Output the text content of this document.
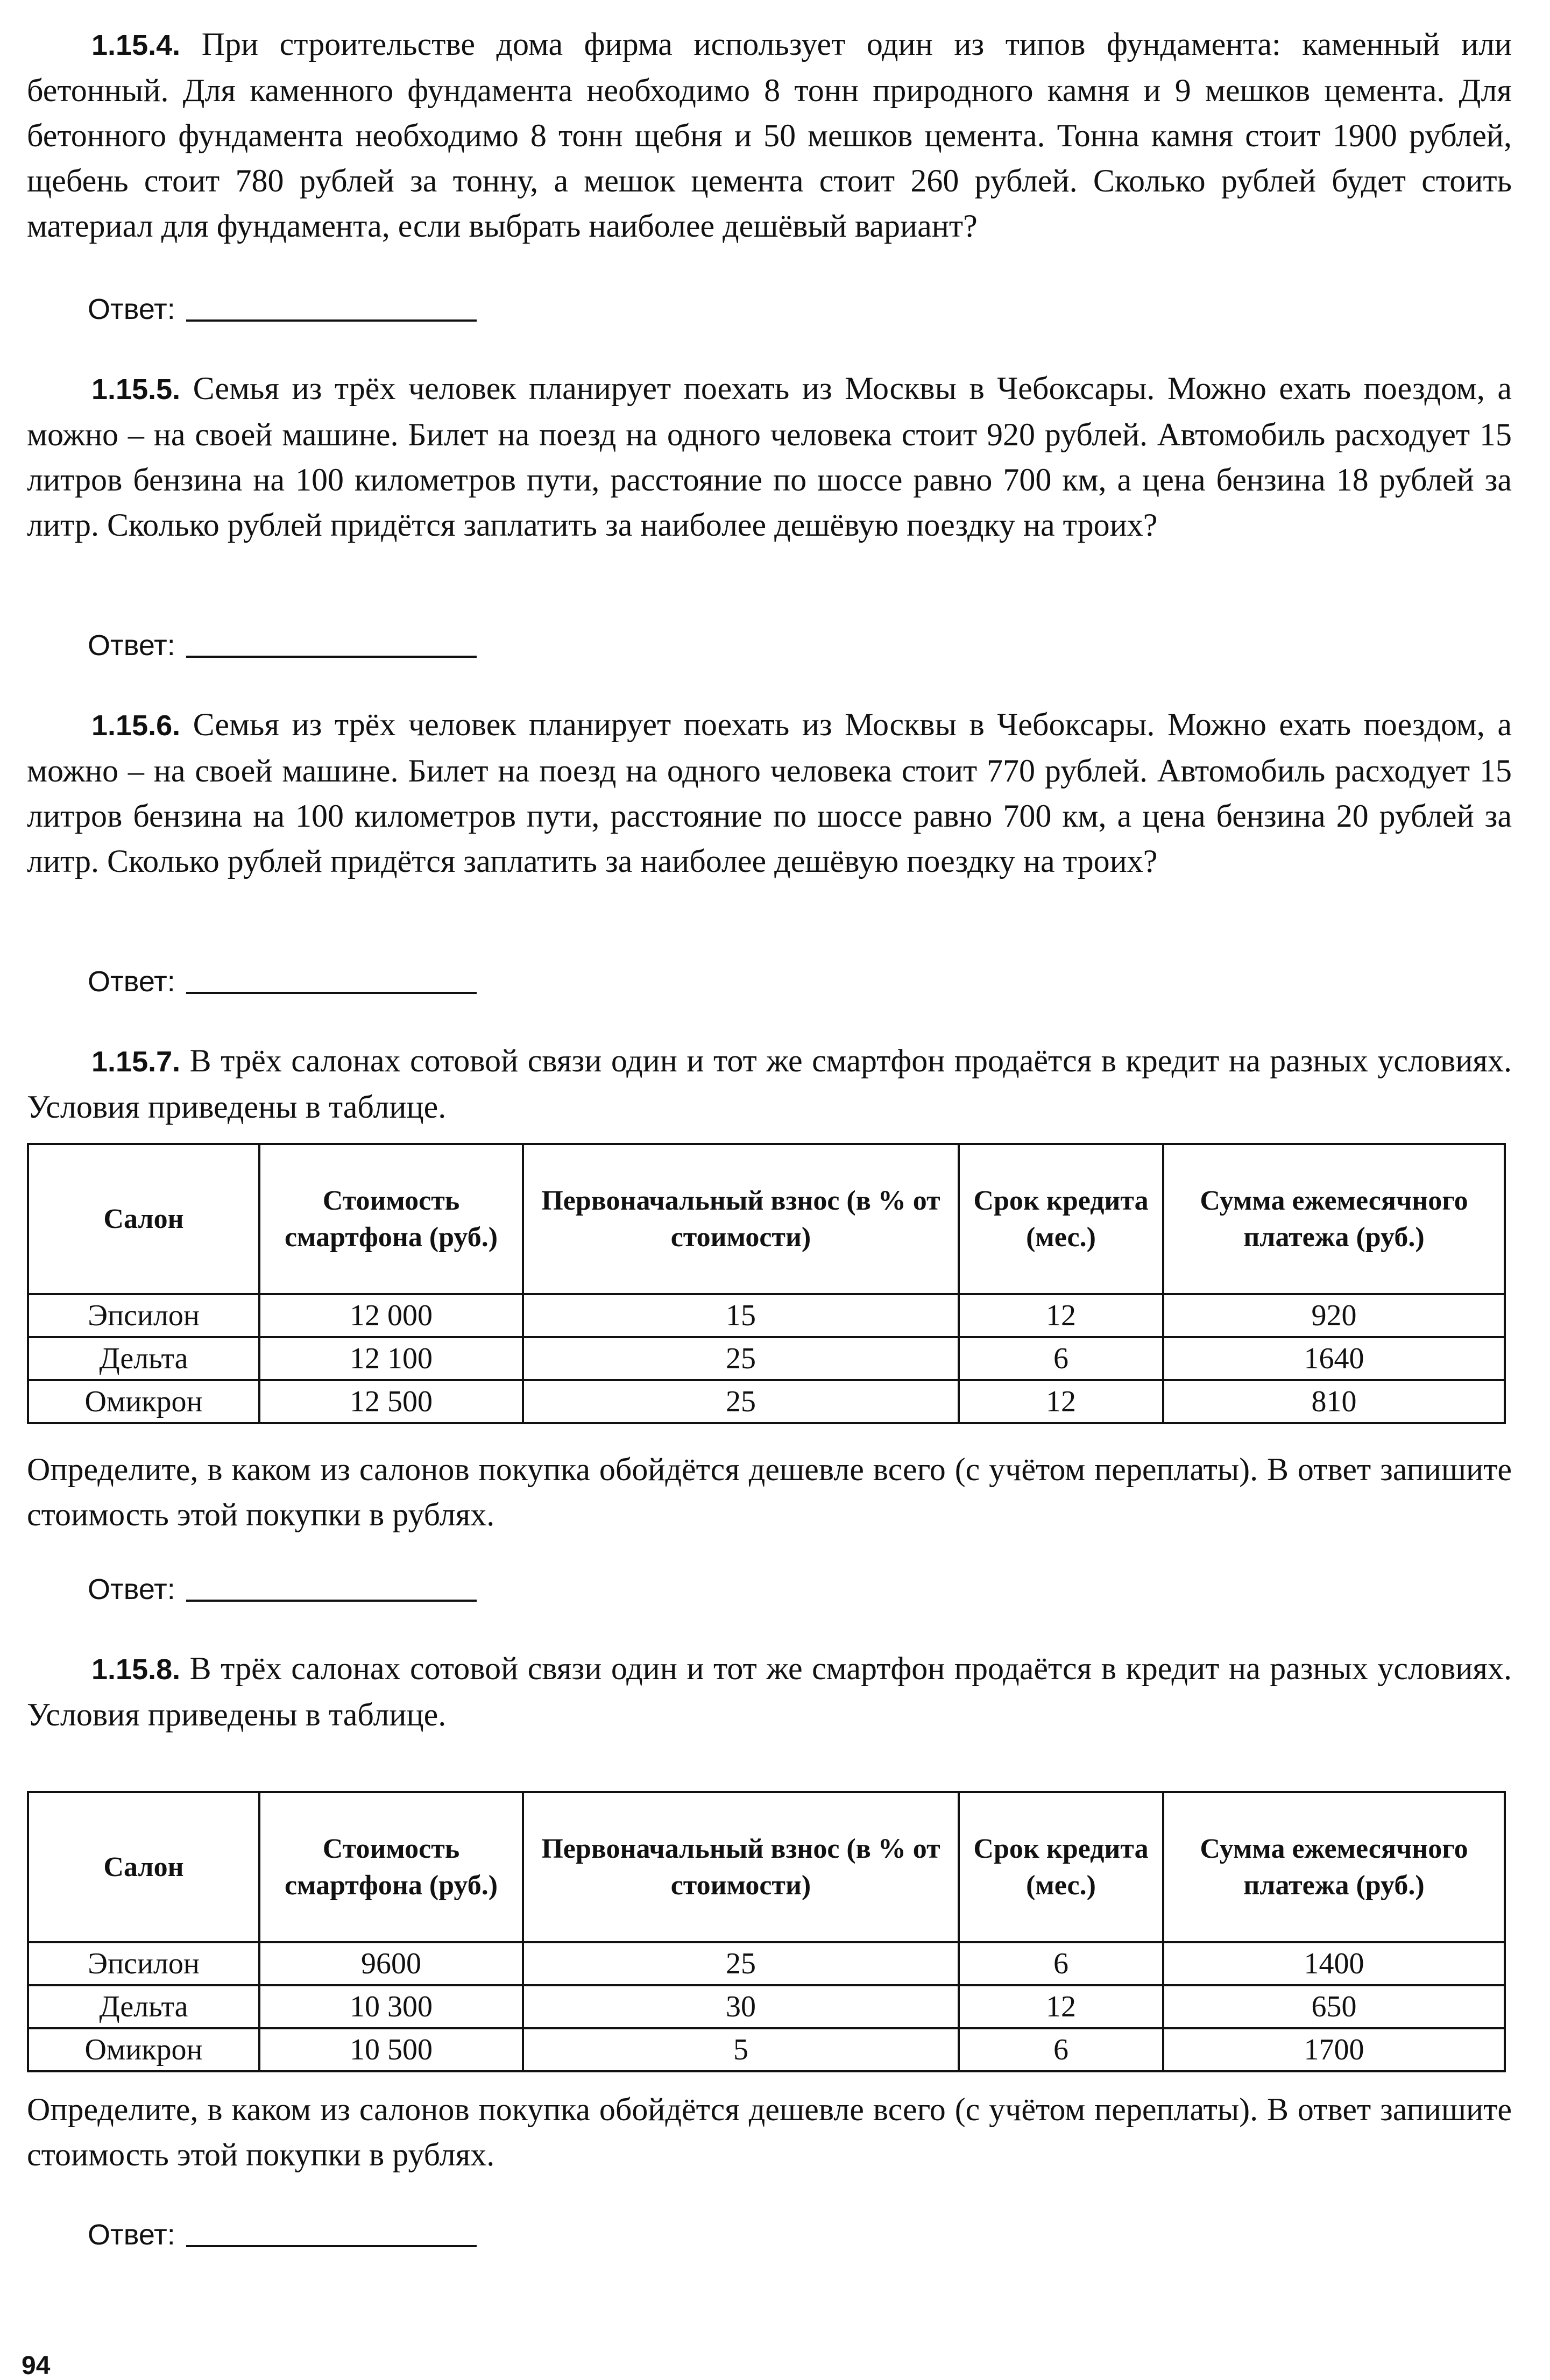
1.15.4. При строительстве дома фирма использует один из типов фундамента: каменный или бетонный. Для каменного фундамента необходимо 8 тонн природного камня и 9 мешков цемента. Для бетонного фундамента необходимо 8 тонн щебня и 50 мешков цемента. Тонна камня стоит 1900 рублей, щебень стоит 780 рублей за тонну, а мешок цемента стоит 260 рублей. Сколько рублей будет стоить материал для фундамента, если выбрать наиболее дешёвый вариант?

Ответ:

1.15.5. Семья из трёх человек планирует поехать из Москвы в Чебоксары. Можно ехать поездом, а можно – на своей машине. Билет на поезд на одного человека стоит 920 рублей. Автомобиль расходует 15 литров бензина на 100 километров пути, расстояние по шоссе равно 700 км, а цена бензина 18 рублей за литр. Сколько рублей придётся заплатить за наиболее дешёвую поездку на троих?

Ответ:

1.15.6. Семья из трёх человек планирует поехать из Москвы в Чебоксары. Можно ехать поездом, а можно – на своей машине. Билет на поезд на одного человека стоит 770 рублей. Автомобиль расходует 15 литров бензина на 100 километров пути, расстояние по шоссе равно 700 км, а цена бензина 20 рублей за литр. Сколько рублей придётся заплатить за наиболее дешёвую поездку на троих?

Ответ:

1.15.7. В трёх салонах сотовой связи один и тот же смартфон продаётся в кредит на разных условиях. Условия приведены в таблице.

Салон	Стоимость смартфона (руб.)	Первоначальный взнос (в % от стоимости)	Срок кредита (мес.)	Сумма ежемесячного платежа (руб.)
Эпсилон	12 000	15	12	920
Дельта	12 100	25	6	1640
Омикрон	12 500	25	12	810

Определите, в каком из салонов покупка обойдётся дешевле всего (с учётом переплаты). В ответ запишите стоимость этой покупки в рублях.

Ответ:

1.15.8. В трёх салонах сотовой связи один и тот же смартфон продаётся в кредит на разных условиях. Условия приведены в таблице.

Салон	Стоимость смартфона (руб.)	Первоначальный взнос (в % от стоимости)	Срок кредита (мес.)	Сумма ежемесячного платежа (руб.)
Эпсилон	9600	25	6	1400
Дельта	10 300	30	12	650
Омикрон	10 500	5	6	1700

Определите, в каком из салонов покупка обойдётся дешевле всего (с учётом переплаты). В ответ запишите стоимость этой покупки в рублях.

Ответ:
94
